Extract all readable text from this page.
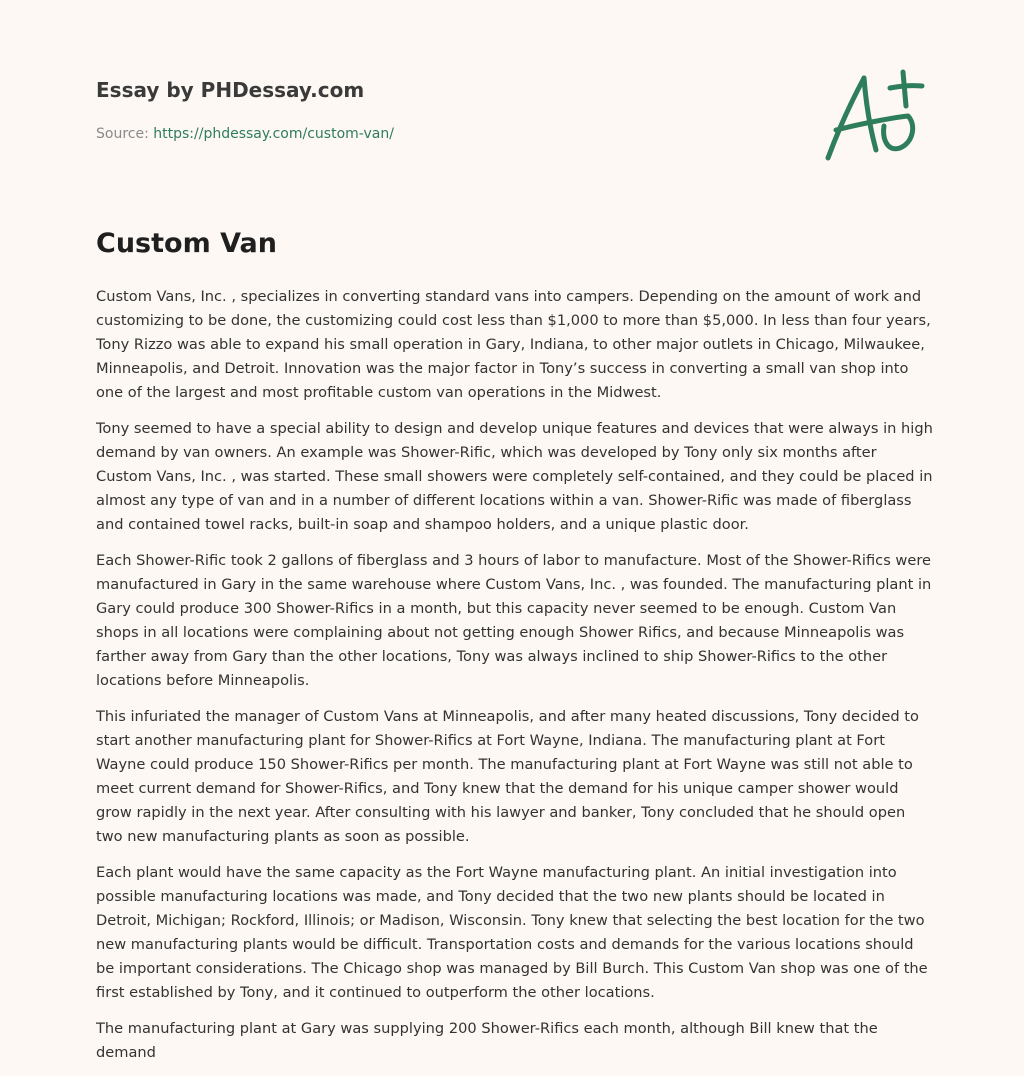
Essay by PHDessay.com
Source: https://phdessay.com/custom-van/
Custom Van

Custom Vans, Inc. , specializes in converting standard vans into campers. Depending on the amount of work and customizing to be done, the customizing could cost less than $1,000 to more than $5,000. In less than four years, Tony Rizzo was able to expand his small operation in Gary, Indiana, to other major outlets in Chicago, Milwaukee, Minneapolis, and Detroit. Innovation was the major factor in Tony’s success in converting a small van shop into one of the largest and most profitable custom van operations in the Midwest.

Tony seemed to have a special ability to design and develop unique features and devices that were always in high demand by van owners. An example was Shower-Rific, which was developed by Tony only six months after Custom Vans, Inc. , was started. These small showers were completely self-contained, and they could be placed in almost any type of van and in a number of different locations within a van. Shower-Rific was made of fiberglass and contained towel racks, built-in soap and shampoo holders, and a unique plastic door.

Each Shower-Rific took 2 gallons of fiberglass and 3 hours of labor to manufacture. Most of the Shower-Rifics were manufactured in Gary in the same warehouse where Custom Vans, Inc. , was founded. The manufacturing plant in Gary could produce 300 Shower-Rifics in a month, but this capacity never seemed to be enough. Custom Van shops in all locations were complaining about not getting enough Shower Rifics, and because Minneapolis was farther away from Gary than the other locations, Tony was always inclined to ship Shower-Rifics to the other locations before Minneapolis.

This infuriated the manager of Custom Vans at Minneapolis, and after many heated discussions, Tony decided to start another manufacturing plant for Shower-Rifics at Fort Wayne, Indiana. The manufacturing plant at Fort Wayne could produce 150 Shower-Rifics per month. The manufacturing plant at Fort Wayne was still not able to meet current demand for Shower-Rifics, and Tony knew that the demand for his unique camper shower would grow rapidly in the next year. After consulting with his lawyer and banker, Tony concluded that he should open two new manufacturing plants as soon as possible.

Each plant would have the same capacity as the Fort Wayne manufacturing plant. An initial investigation into possible manufacturing locations was made, and Tony decided that the two new plants should be located in Detroit, Michigan; Rockford, Illinois; or Madison, Wisconsin. Tony knew that selecting the best location for the two new manufacturing plants would be difficult. Transportation costs and demands for the various locations should be important considerations. The Chicago shop was managed by Bill Burch. This Custom Van shop was one of the first established by Tony, and it continued to outperform the other locations.

The manufacturing plant at Gary was supplying 200 Shower-Rifics each month, although Bill knew that the demand
